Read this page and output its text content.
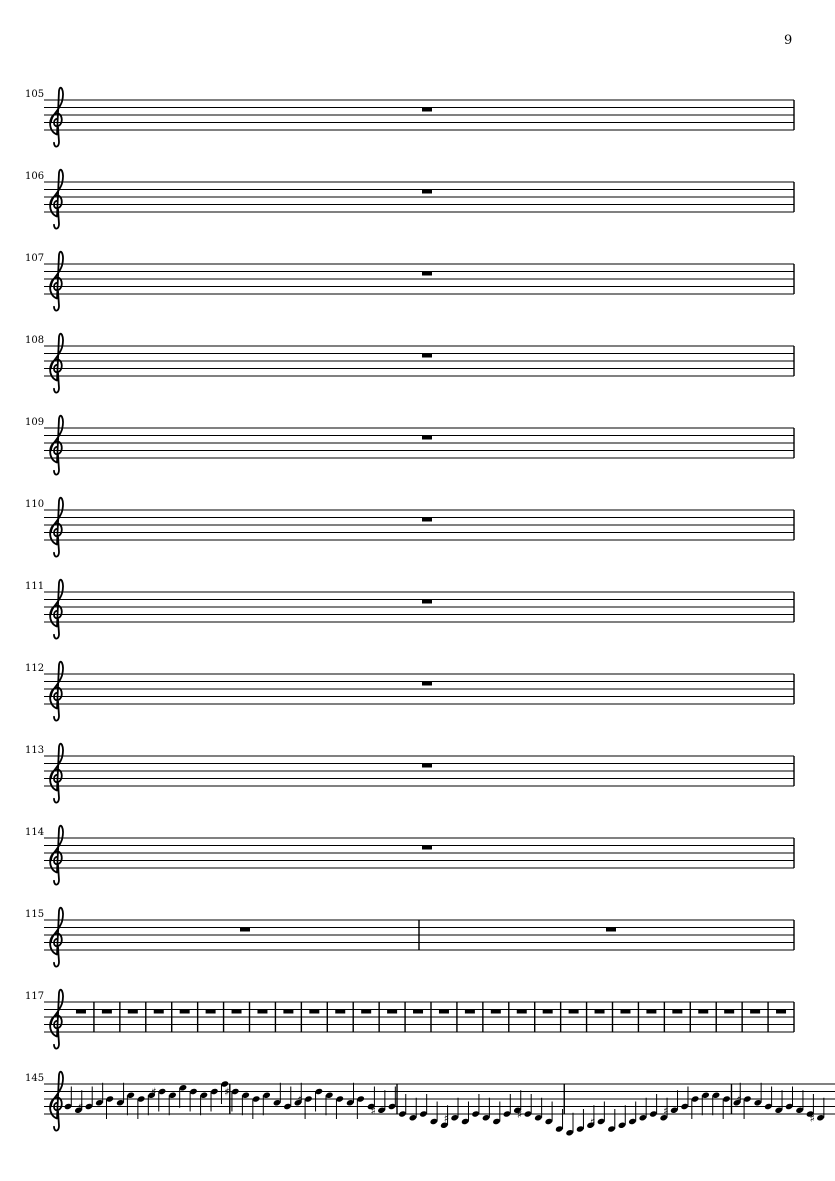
9
105
106
107
108
109
110
111
112
113
114
115
117
145
♯
♯	♯
♯
♯
♯	♯
♯
♯
♯
♯
